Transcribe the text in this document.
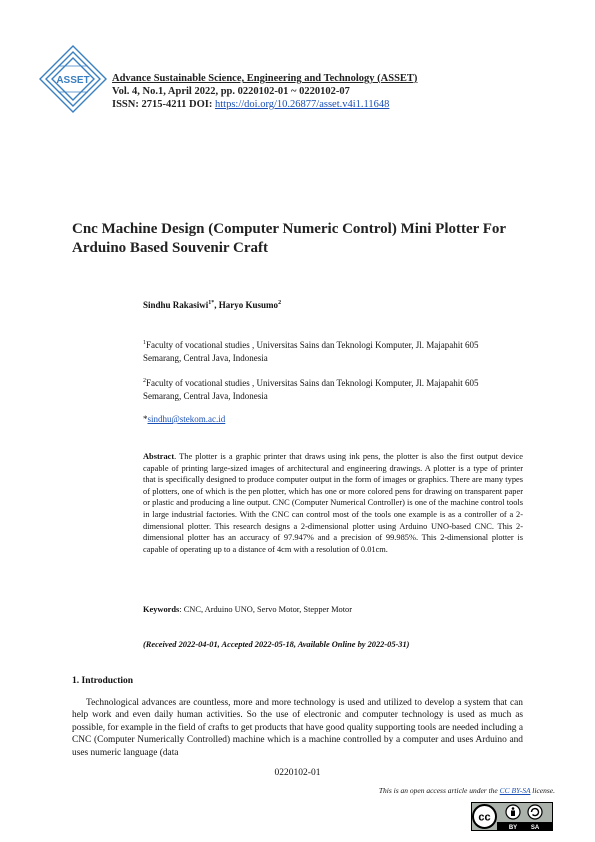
ASSET Advance Sustainable Science, Engineering and Technology (ASSET)
Vol. 4, No.1, April 2022, pp. 0220102-01 ~ 0220102-07
ISSN: 2715-4211 DOI: https://doi.org/10.26877/asset.v4i1.11648
Cnc Machine Design (Computer Numeric Control) Mini Plotter For Arduino Based Souvenir Craft
Sindhu Rakasiwi$^{1*}$, Haryo Kusumo$^2$
$^1$Faculty of vocational studies , Universitas Sains dan Teknologi Komputer, Jl. Majapahit 605 Semarang, Central Java, Indonesia
$^2$Faculty of vocational studies , Universitas Sains dan Teknologi Komputer, Jl. Majapahit 605 Semarang, Central Java, Indonesia
*sindhu@stekom.ac.id
Abstract. The plotter is a graphic printer that draws using ink pens, the plotter is also the first output device capable of printing large-sized images of architectural and engineering drawings. A plotter is a type of printer that is specifically designed to produce computer output in the form of images or graphics. There are many types of plotters, one of which is the pen plotter, which has one or more colored pens for drawing on transparent paper or plastic and producing a line output. CNC (Computer Numerical Controller) is one of the machine control tools in large industrial factories. With the CNC can control most of the tools one example is as a controller of a 2-dimensional plotter. This research designs a 2-dimensional plotter using Arduino UNO-based CNC. This 2-dimensional plotter has an accuracy of 97.947% and a precision of 99.985%. This 2-dimensional plotter is capable of operating up to a distance of 4cm with a resolution of 0.01cm.
Keywords: CNC, Arduino UNO, Servo Motor, Stepper Motor
(Received 2022-04-01, Accepted 2022-05-18, Available Online by 2022-05-31)
1. Introduction
Technological advances are countless, more and more technology is used and utilized to develop a system that can help work and even daily human activities. So the use of electronic and computer technology is used as much as possible, for example in the field of crafts to get products that have good quality supporting tools are needed including a CNC (Computer Numerically Controlled) machine which is a machine controlled by a computer and uses Arduino and uses numeric language (data
0220102-01
This is an open access article under the CC BY-SA license.
cc
BY SA
